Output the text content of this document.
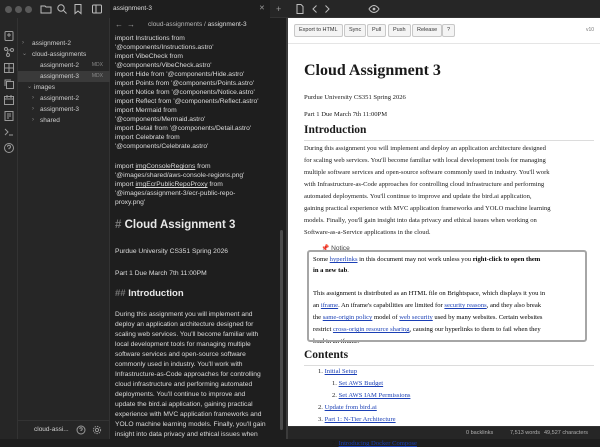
› assignment-2
⌄ cloud-assignments
assignment-2	MDX
assignment-3	MDX
⌄ images
› assignment-2
› assignment-3
› shared
cloud-assi...
assignment-3	✕ +
← → cloud-assignments / assignment-3
import Instructions from
'@components/Instructions.astro'
import VibeCheck from
'@components/VibeCheck.astro'
import Hide from '@components/Hide.astro'
import Points from '@components/Points.astro'
import Notice from '@components/Notice.astro'
import Reflect from '@components/Reflect.astro'
import Mermaid from
'@components/Mermaid.astro'
import Detail from '@components/Detail.astro'
import Celebrate from
'@components/Celebrate.astro'
import imgConsoleRegions from
'@images/shared/aws-console-regions.png'
import imgEcrPublicRepoProxy from
'@images/assignment-3/ecr-public-repo-
proxy.png'
# Cloud Assignment 3
Purdue University CS351 Spring 2026
Part 1 Due March 7th 11:00PM
## Introduction
During this assignment you will implement and
deploy an application architecture designed for
scaling web services. You'll become familiar with
local development tools for managing multiple
software services and open-source software
commonly used in industry. You'll work with
Infrastructure-as-Code approaches for controlling
cloud infrastructure and performing automated
deployments. You'll continue to improve and
update the bird.ai application, gaining practical
experience with MVC application frameworks and
YOLO machine learning models. Finally, you'll gain
insight into data privacy and ethical issues when
Export to HTML	Sync	Pull	Push	Release	?	v10
Cloud Assignment 3
Purdue University CS351 Spring 2026
Part 1 Due March 7th 11:00PM
Introduction
During this assignment you will implement and deploy an application architecture designed
for scaling web services. You'll become familiar with local development tools for managing
multiple software services and open-source software commonly used in industry. You'll work
with Infrastructure-as-Code approaches for controlling cloud infrastructure and performing
automated deployments. You'll continue to improve and update the bird.ai application,
gaining practical experience with MVC application frameworks and YOLO machine learning
models. Finally, you'll gain insight into data privacy and ethical issues when working on
Software-as-a-Service applications in the cloud.
📌 Notice
Some hyperlinks in this document may not work unless you right-click to open them
in a new tab.
This assignment is distributed as an HTML file on Brightspace, which displays it you in
an iframe. An iframe's capabilities are limited for security reasons, and they also break
the same-origin policy model of web security used by many websites. Certain websites
restrict cross-origin resource sharing, causing our hyperlinks to them to fail when they
load in an iframe.
Contents
1. Initial Setup
1. Set AWS Budget
2. Set AWS IAM Permissions
2. Update from bird.ai
3. Part 1: N-Tier Architecture
2. Introducing Docker Compose
0 backlinks	7,513 words 49,527 characters
